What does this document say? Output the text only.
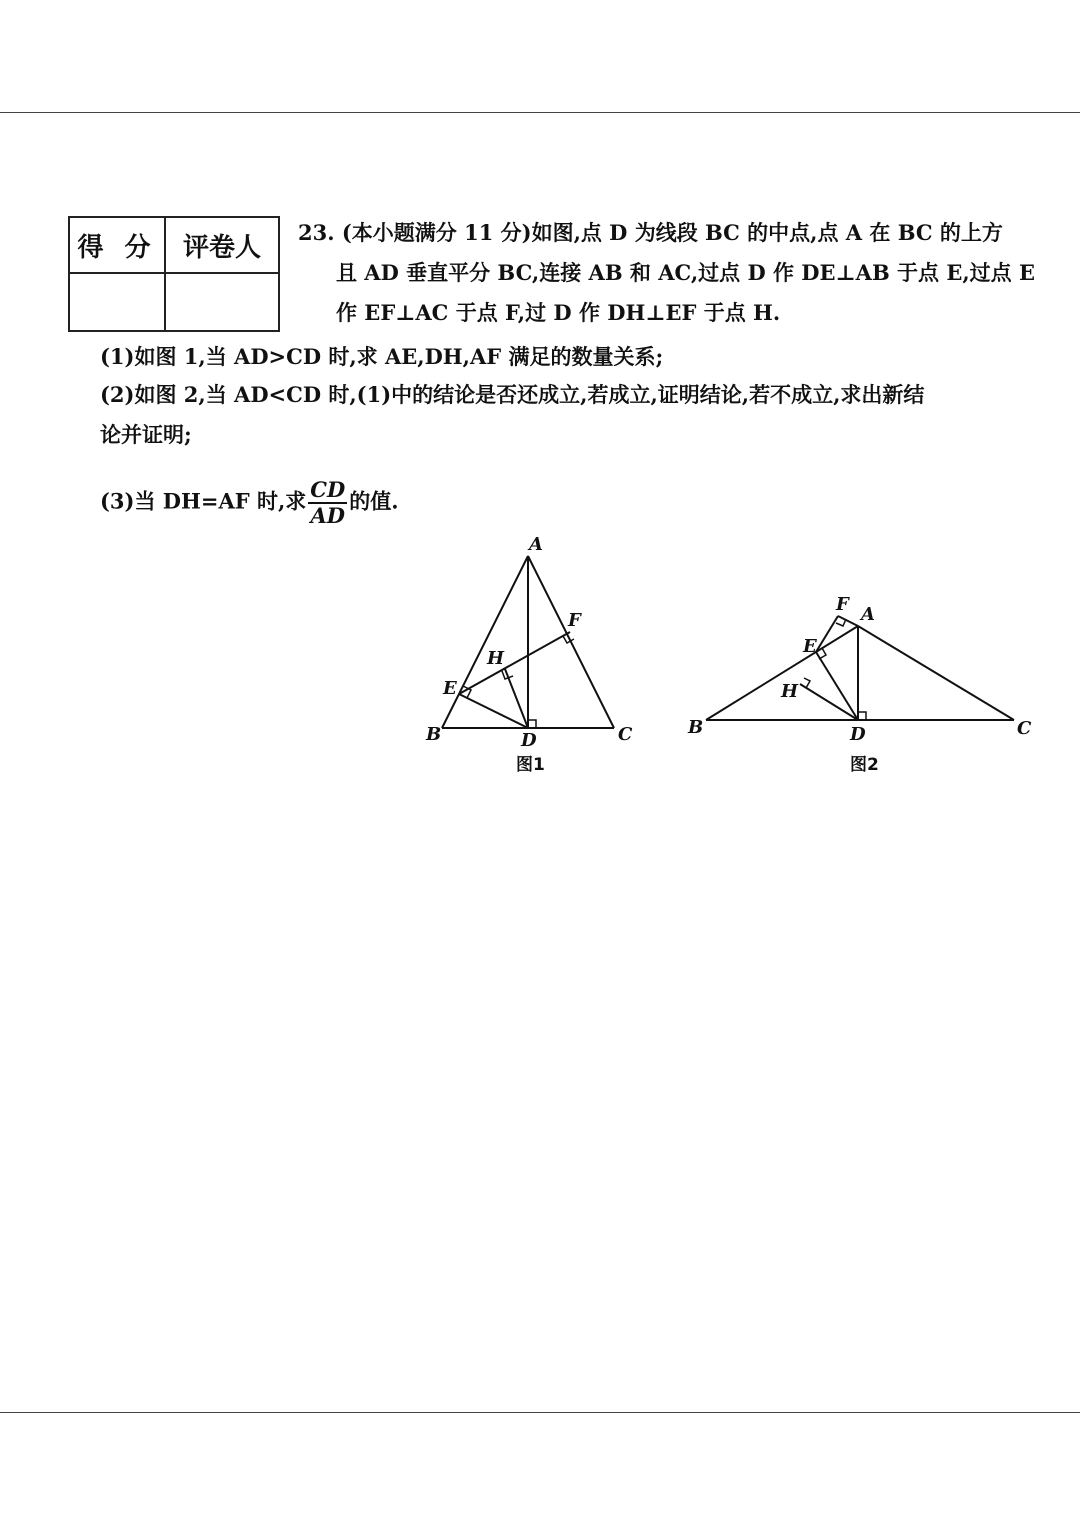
得 分	评卷人
	23. (本小题满分 11 分)如图,点 D 为线段 BC 的中点,点 A 在 BC 的上方
且 AD 垂直平分 BC,连接 AB 和 AC,过点 D 作 DE⊥AB 于点 E,过点 E
作 EF⊥AC 于点 F,过 D 作 DH⊥EF 于点 H.
(1)如图 1,当 AD>CD 时,求 AE,DH,AF 满足的数量关系;
(2)如图 2,当 AD<CD 时,(1)中的结论是否还成立,若成立,证明结论,若不成立,求出新结
论并证明;
(3)当 DH=AF 时,求 $\frac{CD}{AD}$ 的值.
A
B	C
D
E
F
H
图1
A
B	C
D
E
F
H
图2
